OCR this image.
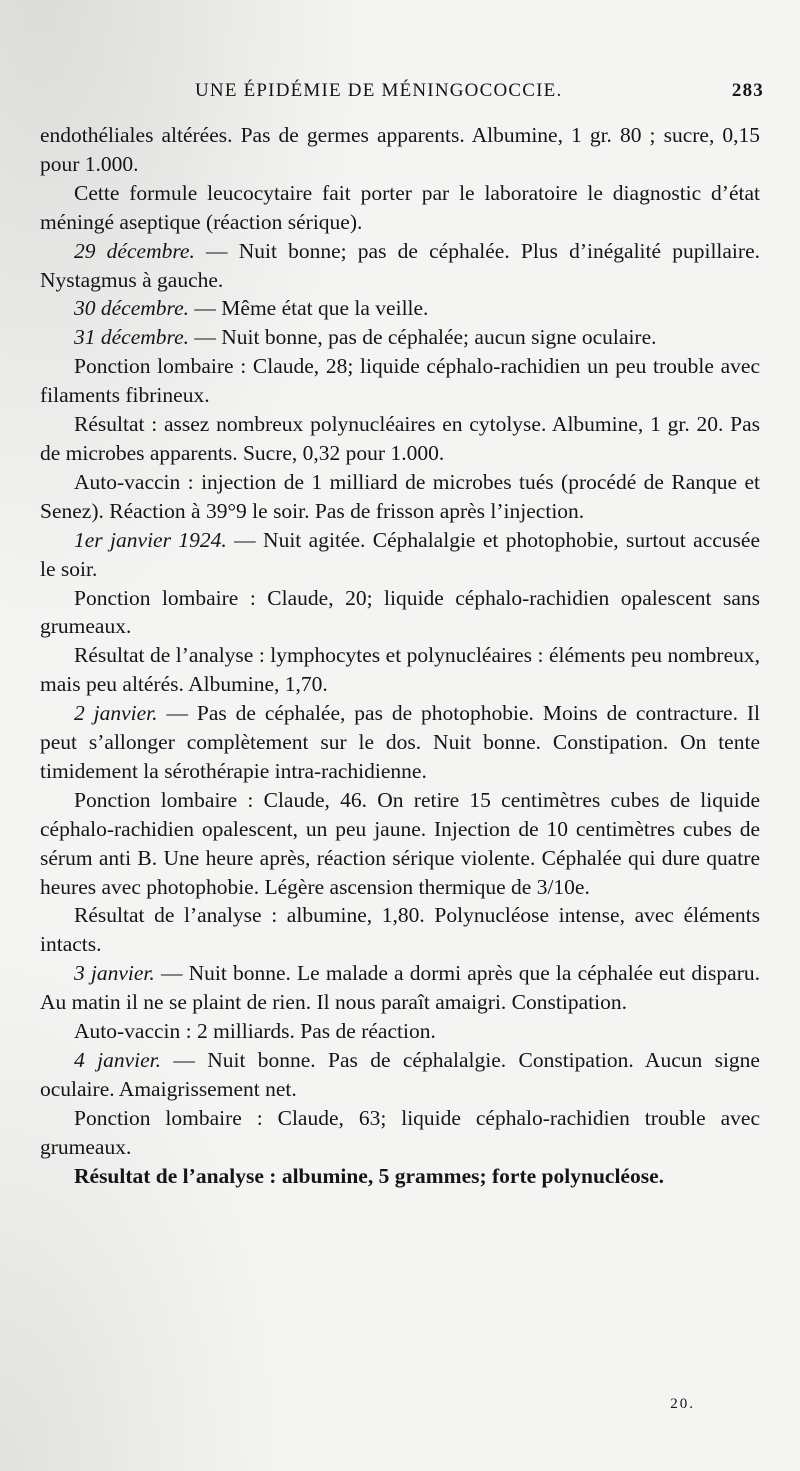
UNE ÉPIDÉMIE DE MÉNINGOCOCCIE.	283

endothéliales altérées. Pas de germes apparents. Albumine, 1 gr. 80 ; sucre, 0,15 pour 1.000.

Cette formule leucocytaire fait porter par le laboratoire le diagnostic d’état méningé aseptique (réaction sérique).

29 décembre. — Nuit bonne; pas de céphalée. Plus d’inégalité pupillaire. Nystagmus à gauche.

30 décembre. — Même état que la veille.

31 décembre. — Nuit bonne, pas de céphalée; aucun signe oculaire.

Ponction lombaire : Claude, 28; liquide céphalo-rachidien un peu trouble avec filaments fibrineux.

Résultat : assez nombreux polynucléaires en cytolyse. Albumine, 1 gr. 20. Pas de microbes apparents. Sucre, 0,32 pour 1.000.

Auto-vaccin : injection de 1 milliard de microbes tués (procédé de Ranque et Senez). Réaction à 39°9 le soir. Pas de frisson après l’injection.

1er janvier 1924. — Nuit agitée. Céphalalgie et photophobie, surtout accusée le soir.

Ponction lombaire : Claude, 20; liquide céphalo-rachidien opalescent sans grumeaux.

Résultat de l’analyse : lymphocytes et polynucléaires : éléments peu nombreux, mais peu altérés. Albumine, 1,70.

2 janvier. — Pas de céphalée, pas de photophobie. Moins de contracture. Il peut s’allonger complètement sur le dos. Nuit bonne. Constipation. On tente timidement la sérothérapie intra-rachidienne.

Ponction lombaire : Claude, 46. On retire 15 centimètres cubes de liquide céphalo-rachidien opalescent, un peu jaune. Injection de 10 centimètres cubes de sérum anti B. Une heure après, réaction sérique violente. Céphalée qui dure quatre heures avec photophobie. Légère ascension thermique de 3/10e.

Résultat de l’analyse : albumine, 1,80. Polynucléose intense, avec éléments intacts.

3 janvier. — Nuit bonne. Le malade a dormi après que la céphalée eut disparu. Au matin il ne se plaint de rien. Il nous paraît amaigri. Constipation.

Auto-vaccin : 2 milliards. Pas de réaction.

4 janvier. — Nuit bonne. Pas de céphalalgie. Constipation. Aucun signe oculaire. Amaigrissement net.

Ponction lombaire : Claude, 63; liquide céphalo-rachidien trouble avec grumeaux.

Résultat de l’analyse : albumine, 5 grammes; forte polynucléose.

20.
